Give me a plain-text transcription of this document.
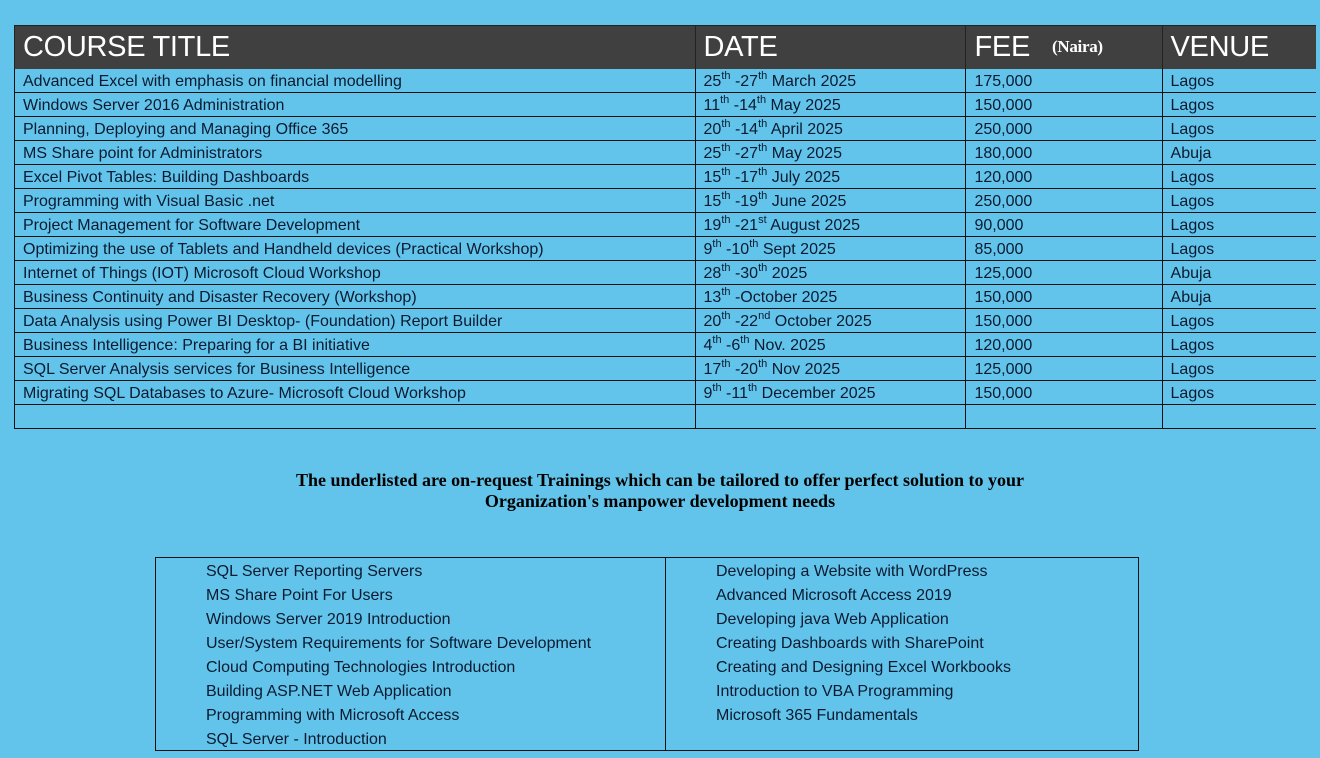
COURSE TITLE	DATE	FEE $^{(Naira)}$	VENUE
Advanced Excel with emphasis on financial modelling	25th -27th March 2025	175,000	Lagos
Windows Server 2016 Administration	11th -14th May 2025	150,000	Lagos
Planning, Deploying and Managing Office 365	20th -14th April 2025	250,000	Lagos
MS Share point for Administrators	25th -27th May 2025	180,000	Abuja
Excel Pivot Tables: Building Dashboards	15th -17th July 2025	120,000	Lagos
Programming with Visual Basic .net	15th -19th June 2025	250,000	Lagos
Project Management for Software Development	19th -21st August 2025	90,000	Lagos
Optimizing the use of Tablets and Handheld devices (Practical Workshop)	9th -10th Sept 2025	85,000	Lagos
Internet of Things (IOT) Microsoft Cloud Workshop	28th -30th 2025	125,000	Abuja
Business Continuity and Disaster Recovery (Workshop)	13th -October 2025	150,000	Abuja
Data Analysis using Power BI Desktop- (Foundation) Report Builder	20th -22nd October 2025	150,000	Lagos
Business Intelligence: Preparing for a BI initiative	4th -6th Nov. 2025	120,000	Lagos
SQL Server Analysis services for Business Intelligence	17th -20th Nov 2025	125,000	Lagos
Migrating SQL Databases to Azure- Microsoft Cloud Workshop	9th -11th December 2025	150,000	Lagos

The underlisted are on-request Trainings which can be tailored to offer perfect solution to your
Organization's manpower development needs
SQL Server Reporting Servers
MS Share Point For Users
Windows Server 2019 Introduction
User/System Requirements for Software Development
Cloud Computing Technologies Introduction
Building ASP.NET Web Application
Programming with Microsoft Access
SQL Server - Introduction
Developing a Website with WordPress
Advanced Microsoft Access 2019
Developing java Web Application
Creating Dashboards with SharePoint
Creating and Designing Excel Workbooks
Introduction to VBA Programming
Microsoft 365 Fundamentals
